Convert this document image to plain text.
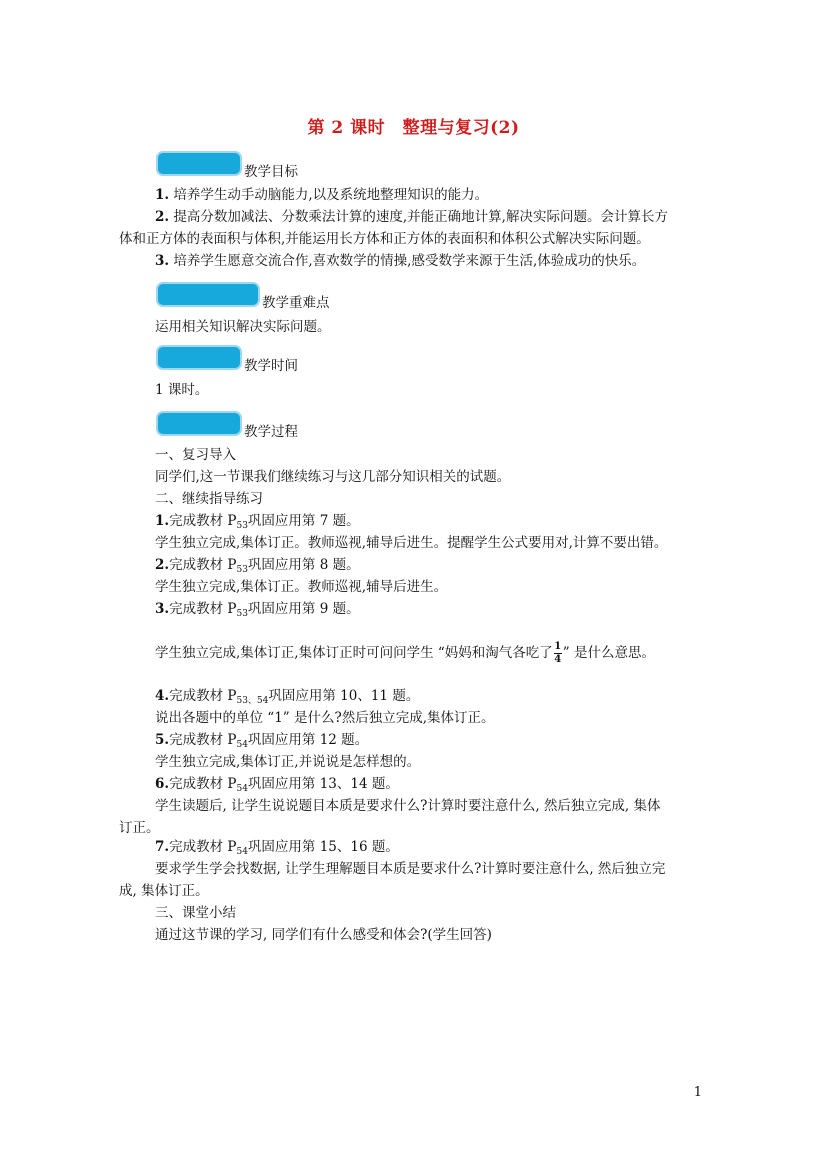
第 2 课时　整理与复习(2)
教学目标
1. 培养学生动手动脑能力,以及系统地整理知识的能力。
2. 提高分数加减法、分数乘法计算的速度,并能正确地计算,解决实际问题。会计算长方
体和正方体的表面积与体积,并能运用长方体和正方体的表面积和体积公式解决实际问题。
3. 培养学生愿意交流合作,喜欢数学的情操,感受数学来源于生活,体验成功的快乐。
教学重难点
运用相关知识解决实际问题。
教学时间
1 课时。
教学过程
一、复习导入
同学们,这一节课我们继续练习与这几部分知识相关的试题。
二、继续指导练习
1.完成教材 $P_{53}$巩固应用第 7 题。
学生独立完成,集体订正。教师巡视,辅导后进生。提醒学生公式要用对,计算不要出错。
2.完成教材 $P_{53}$巩固应用第 8 题。
学生独立完成,集体订正。教师巡视,辅导后进生。
3.完成教材 $P_{53}$巩固应用第 9 题。
学生独立完成,集体订正,集体订正时可问问学生 “妈妈和淘气各吃了$\frac{1}{4}$” 是什么意思。
4.完成教材 $P_{53、54}$巩固应用第 10、11 题。
说出各题中的单位 “1” 是什么?然后独立完成,集体订正。
5.完成教材 $P_{54}$巩固应用第 12 题。
学生独立完成,集体订正,并说说是怎样想的。
6.完成教材 $P_{54}$巩固应用第 13、14 题。
学生读题后, 让学生说说题目本质是要求什么?计算时要注意什么, 然后独立完成, 集体
订正。
7.完成教材 $P_{54}$巩固应用第 15、16 题。
要求学生学会找数据, 让学生理解题目本质是要求什么?计算时要注意什么, 然后独立完
成, 集体订正。
三、课堂小结
通过这节课的学习, 同学们有什么感受和体会?(学生回答)
1
